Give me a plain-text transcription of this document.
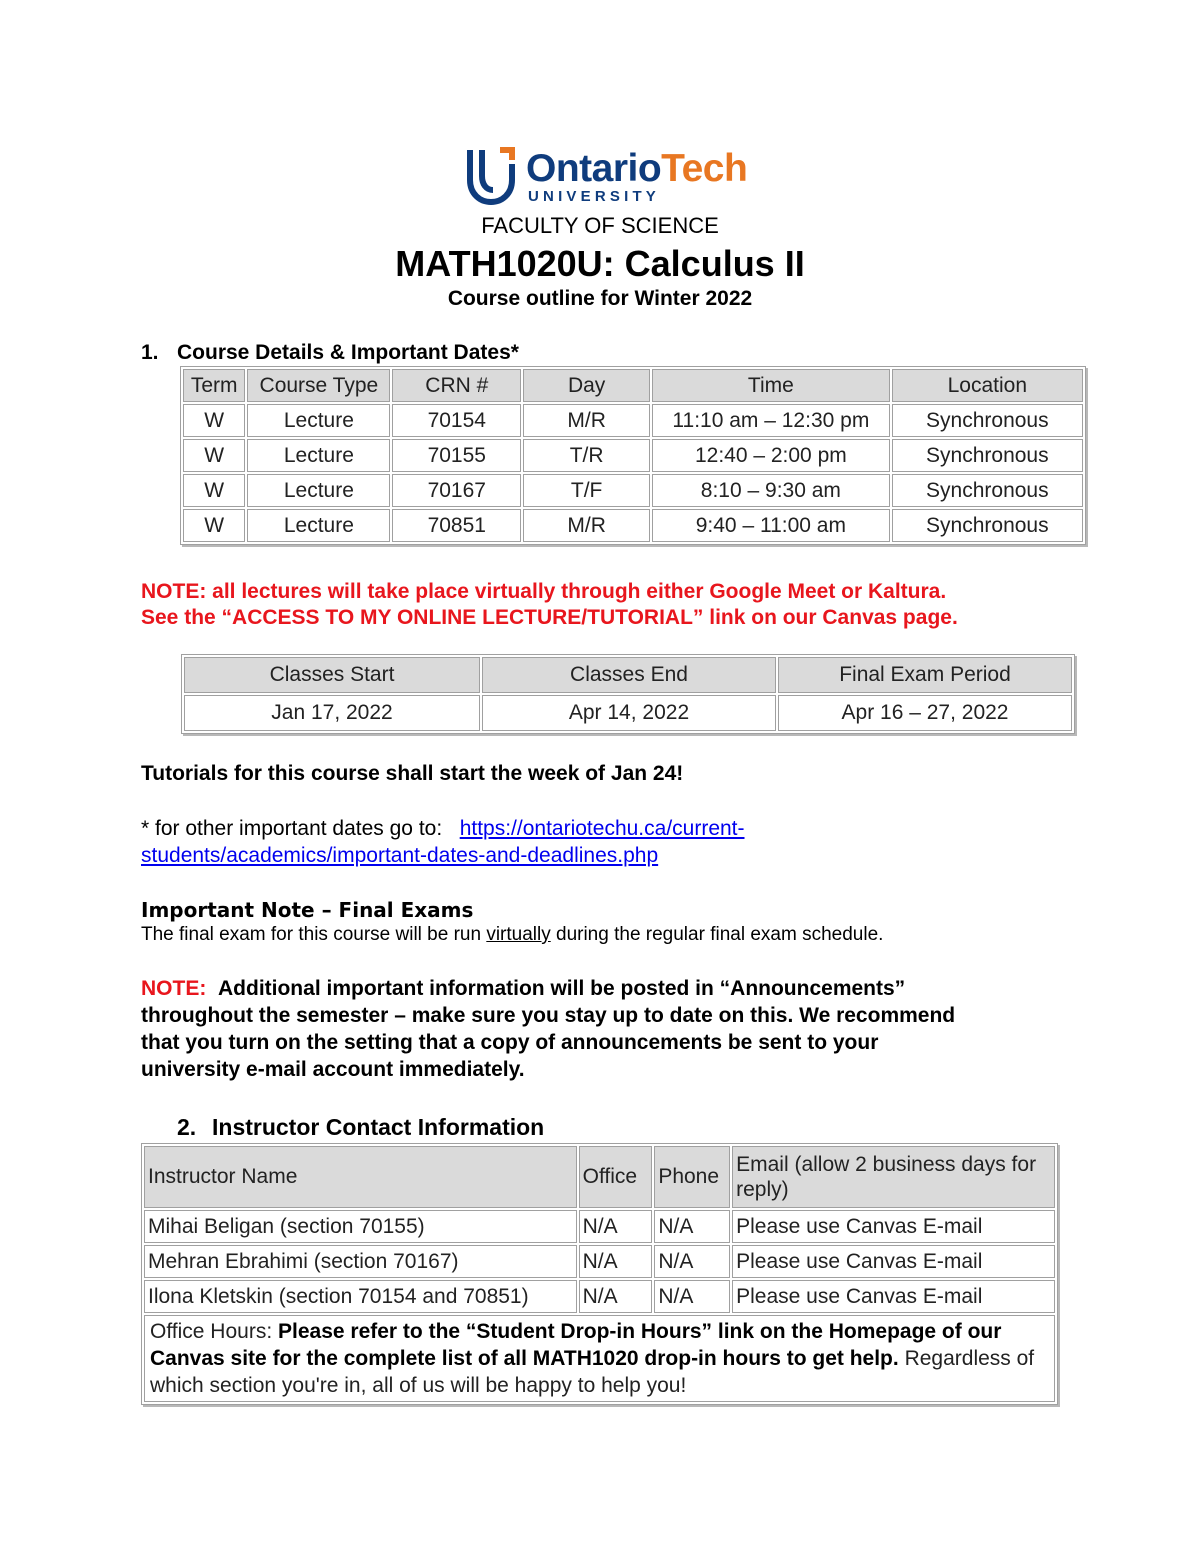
OntarioTech
UNIVERSITY
FACULTY OF SCIENCE
MATH1020U: Calculus II
Course outline for Winter 2022
1. Course Details & Important Dates*
Term	Course Type	CRN #	Day	Time	Location
W	Lecture	70154	M/R	11:10 am – 12:30 pm	Synchronous
W	Lecture	70155	T/R	12:40 – 2:00 pm	Synchronous
W	Lecture	70167	T/F	8:10 – 9:30 am	Synchronous
W	Lecture	70851	M/R	9:40 – 11:00 am	Synchronous
NOTE: all lectures will take place virtually through either Google Meet or Kaltura.
See the “ACCESS TO MY ONLINE LECTURE/TUTORIAL” link on our Canvas page.
Classes Start	Classes End	Final Exam Period
Jan 17, 2022	Apr 14, 2022	Apr 16 – 27, 2022
Tutorials for this course shall start the week of Jan 24!
* for other important dates go to: https://ontariotechu.ca/current-
students/academics/important-dates-and-deadlines.php
Important Note – Final Exams
The final exam for this course will be run virtually during the regular final exam schedule.
NOTE: Additional important information will be posted in “Announcements”
throughout the semester – make sure you stay up to date on this. We recommend
that you turn on the setting that a copy of announcements be sent to your
university e-mail account immediately.
2. Instructor Contact Information
Instructor Name	Office	Phone	Email (allow 2 business days for reply)
Mihai Beligan (section 70155)	N/A	N/A	Please use Canvas E-mail
Mehran Ebrahimi (section 70167)	N/A	N/A	Please use Canvas E-mail
Ilona Kletskin (section 70154 and 70851)	N/A	N/A	Please use Canvas E-mail
Office Hours: Please refer to the “Student Drop-in Hours” link on the Homepage of our Canvas site for the complete list of all MATH1020 drop-in hours to get help. Regardless of which section you're in, all of us will be happy to help you!			
